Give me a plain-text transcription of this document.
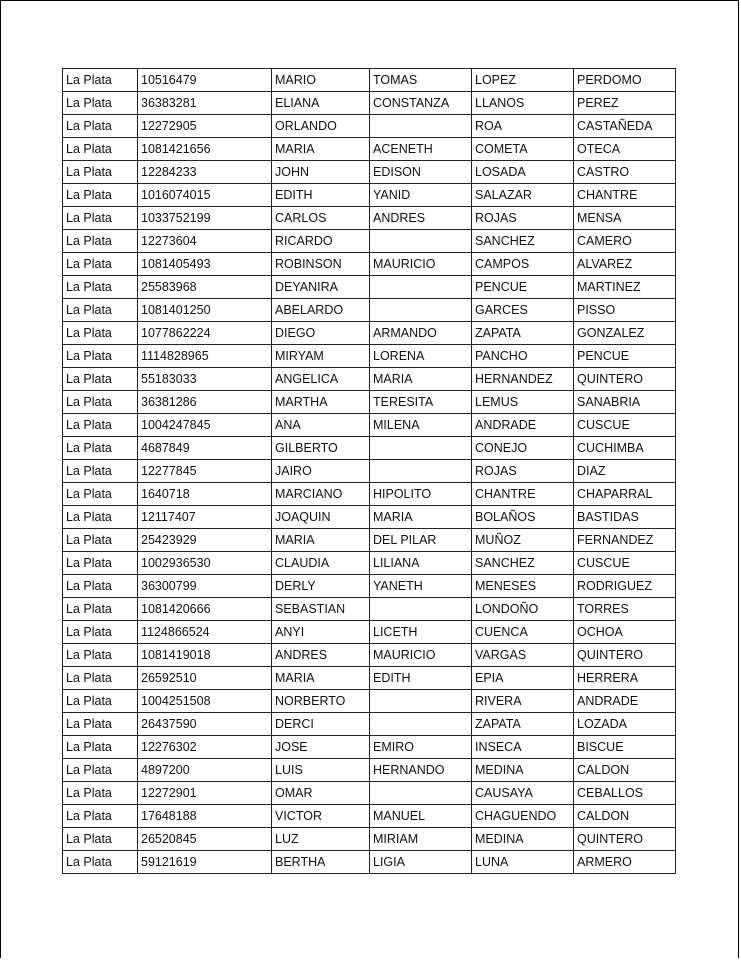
La Plata	10516479	MARIO	TOMAS	LOPEZ	PERDOMO
La Plata	36383281	ELIANA	CONSTANZA	LLANOS	PEREZ
La Plata	12272905	ORLANDO		ROA	CASTAÑEDA
La Plata	1081421656	MARIA	ACENETH	COMETA	OTECA
La Plata	12284233	JOHN	EDISON	LOSADA	CASTRO
La Plata	1016074015	EDITH	YANID	SALAZAR	CHANTRE
La Plata	1033752199	CARLOS	ANDRES	ROJAS	MENSA
La Plata	12273604	RICARDO		SANCHEZ	CAMERO
La Plata	1081405493	ROBINSON	MAURICIO	CAMPOS	ALVAREZ
La Plata	25583968	DEYANIRA		PENCUE	MARTINEZ
La Plata	1081401250	ABELARDO		GARCES	PISSO
La Plata	1077862224	DIEGO	ARMANDO	ZAPATA	GONZALEZ
La Plata	1114828965	MIRYAM	LORENA	PANCHO	PENCUE
La Plata	55183033	ANGELICA	MARIA	HERNANDEZ	QUINTERO
La Plata	36381286	MARTHA	TERESITA	LEMUS	SANABRIA
La Plata	1004247845	ANA	MILENA	ANDRADE	CUSCUE
La Plata	4687849	GILBERTO		CONEJO	CUCHIMBA
La Plata	12277845	JAIRO		ROJAS	DIAZ
La Plata	1640718	MARCIANO	HIPOLITO	CHANTRE	CHAPARRAL
La Plata	12117407	JOAQUIN	MARIA	BOLAÑOS	BASTIDAS
La Plata	25423929	MARIA	DEL PILAR	MUÑOZ	FERNANDEZ
La Plata	1002936530	CLAUDIA	LILIANA	SANCHEZ	CUSCUE
La Plata	36300799	DERLY	YANETH	MENESES	RODRIGUEZ
La Plata	1081420666	SEBASTIAN		LONDOÑO	TORRES
La Plata	1124866524	ANYI	LICETH	CUENCA	OCHOA
La Plata	1081419018	ANDRES	MAURICIO	VARGAS	QUINTERO
La Plata	26592510	MARIA	EDITH	EPIA	HERRERA
La Plata	1004251508	NORBERTO		RIVERA	ANDRADE
La Plata	26437590	DERCI		ZAPATA	LOZADA
La Plata	12276302	JOSE	EMIRO	INSECA	BISCUE
La Plata	4897200	LUIS	HERNANDO	MEDINA	CALDON
La Plata	12272901	OMAR		CAUSAYA	CEBALLOS
La Plata	17648188	VICTOR	MANUEL	CHAGUENDO	CALDON
La Plata	26520845	LUZ	MIRIAM	MEDINA	QUINTERO
La Plata	59121619	BERTHA	LIGIA	LUNA	ARMERO
